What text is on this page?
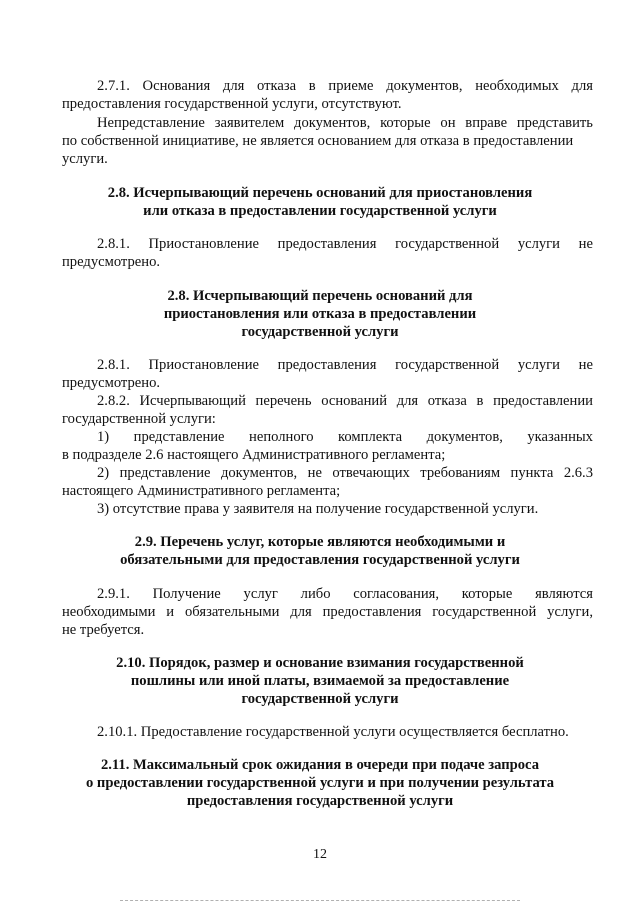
2.7.1. Основания для отказа в приеме документов, необходимых для
предоставления государственной услуги, отсутствуют.
Непредставление заявителем документов, которые он вправе представить
по собственной инициативе, не является основанием для отказа в предоставлении
услуги.
2.8. Исчерпывающий перечень оснований для приостановления
или отказа в предоставлении государственной услуги
2.8.1. Приостановление предоставления государственной услуги не
предусмотрено.
2.8. Исчерпывающий перечень оснований для
приостановления или отказа в предоставлении
государственной услуги
2.8.1. Приостановление предоставления государственной услуги не
предусмотрено.
2.8.2. Исчерпывающий перечень оснований для отказа в предоставлении
государственной услуги:
1) представление неполного комплекта документов, указанных
в подразделе 2.6 настоящего Административного регламента;
2) представление документов, не отвечающих требованиям пункта 2.6.3
настоящего Административного регламента;
3) отсутствие права у заявителя на получение государственной услуги.
2.9. Перечень услуг, которые являются необходимыми и
обязательными для предоставления государственной услуги
2.9.1. Получение услуг либо согласования, которые являются
необходимыми и обязательными для предоставления государственной услуги,
не требуется.
2.10. Порядок, размер и основание взимания государственной
пошлины или иной платы, взимаемой за предоставление
государственной услуги
2.10.1. Предоставление государственной услуги осуществляется бесплатно.
2.11. Максимальный срок ожидания в очереди при подаче запроса
о предоставлении государственной услуги и при получении результата
предоставления государственной услуги
12
